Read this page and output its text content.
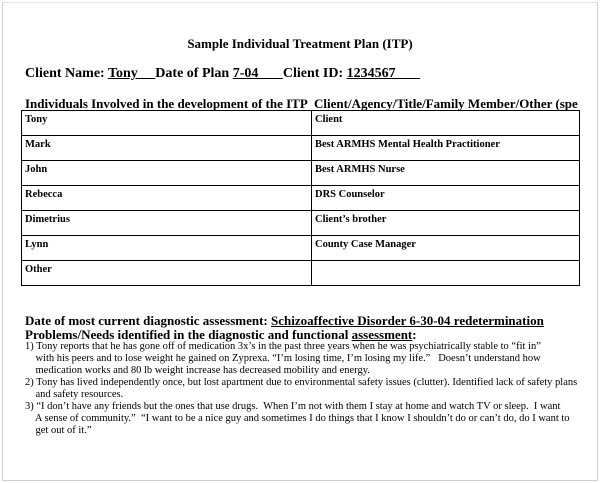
Sample Individual Treatment Plan (ITP)
Client Name: Tony     Date of Plan 7-04       Client ID: 1234567
Individuals Involved in the development of the ITP Client/Agency/Title/Family Member/Other (spe
Tony	Client
Mark	Best ARMHS Mental Health Practitioner
John	Best ARMHS Nurse
Rebecca	DRS Counselor
Dimetrius	Client’s brother
Lynn	County Case Manager
Other	
Date of most current diagnostic assessment: Schizoaffective Disorder 6-30-04 redetermination
Problems/Needs identified in the diagnostic and functional assessment:
1) Tony reports that he has gone off of medication 3x’s in the past three years when he was psychiatrically stable to “fit in”
with his peers and to lose weight he gained on Zyprexa. “I’m losing time, I’m losing my life.”   Doesn’t understand how
medication works and 80 lb weight increase has decreased mobility and energy.
2) Tony has lived independently once, but lost apartment due to environmental safety issues (clutter). Identified lack of safety plans
and safety resources.
3) “I don’t have any friends but the ones that use drugs.  When I’m not with them I stay at home and watch TV or sleep.  I want
A sense of community.”  “I want to be a nice guy and sometimes I do things that I know I shouldn’t do or can’t do, do I want to
get out of it.”
